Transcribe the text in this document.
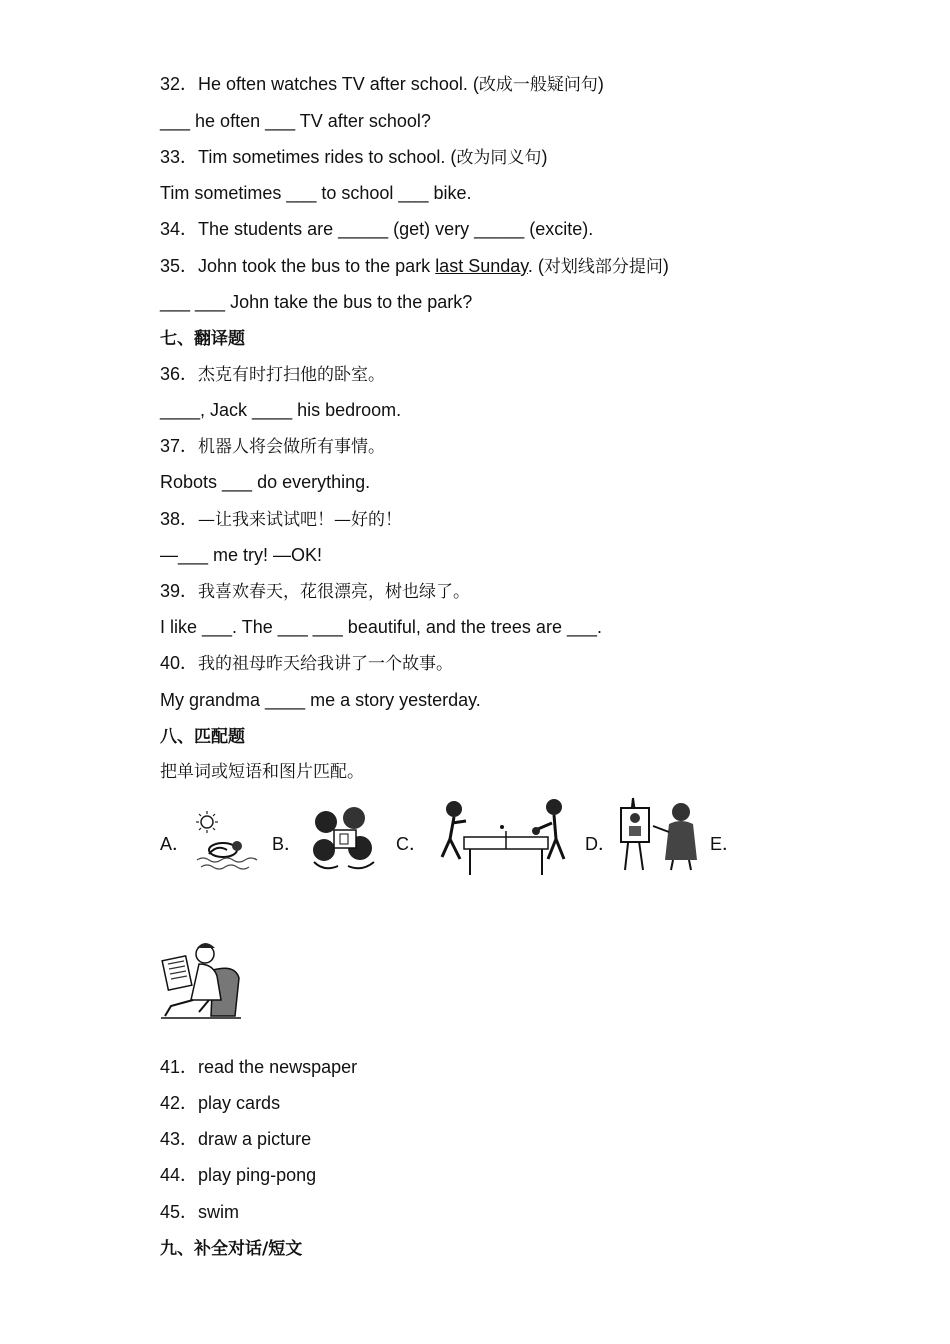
32．He often watches TV after school. (改成一般疑问句)
___ he often ___ TV after school?
33．Tim sometimes rides to school. (改为同义句)
Tim sometimes ___ to school ___ bike.
34．The students are _____ (get) very _____ (excite).
35．John took the bus to the park last Sunday. (对划线部分提问)
___ ___ John take the bus to the park?
七、翻译题
36．杰克有时打扫他的卧室。
____, Jack ____ his bedroom.
37．机器人将会做所有事情。
Robots ___ do everything.
38．—让我来试试吧！—好的！
—___ me try! —OK!
39．我喜欢春天，花很漂亮，树也绿了。
I like ___. The ___ ___ beautiful, and the trees are ___.
40．我的祖母昨天给我讲了一个故事。
My grandma ____ me a story yesterday.
八、匹配题
把单词或短语和图片匹配。
A．	B．	C．	D．	E．
41．read the newspaper
42．play cards
43．draw a picture
44．play ping-pong
45．swim
九、补全对话/短文
